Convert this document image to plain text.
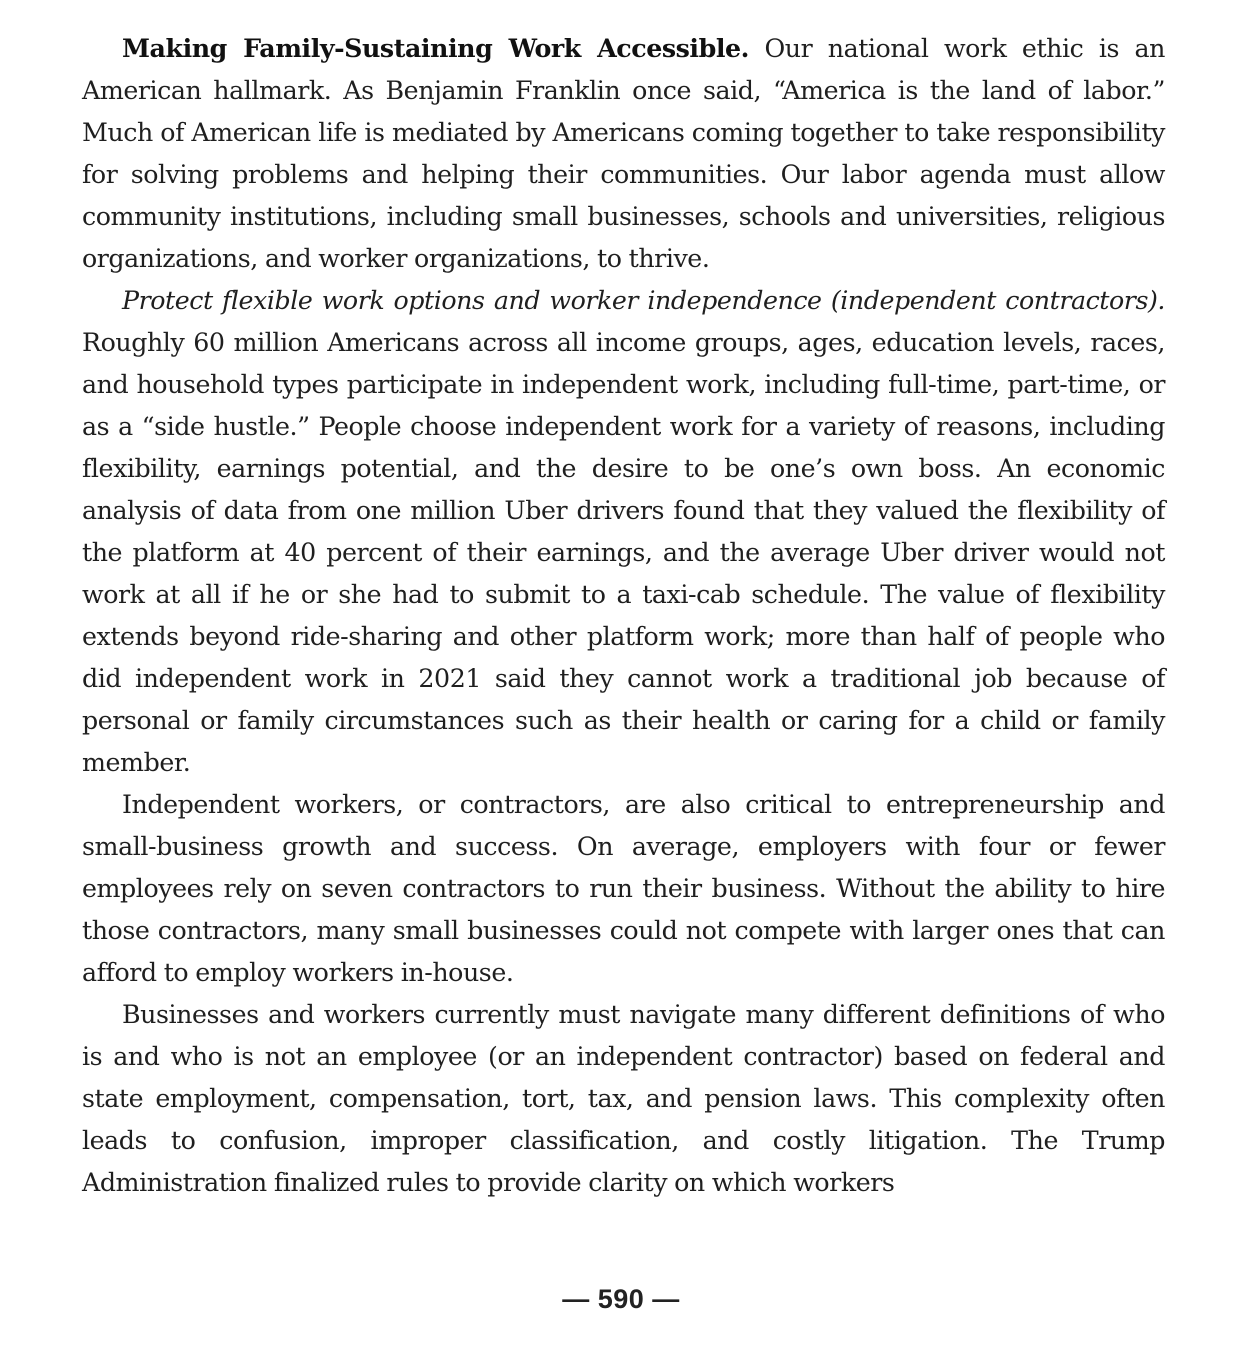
Making Family-Sustaining Work Accessible. Our national work ethic is an American hallmark. As Benjamin Franklin once said, “America is the land of labor.” Much of American life is mediated by Americans coming together to take responsibility for solving problems and helping their communities. Our labor agenda must allow community institutions, including small businesses, schools and universities, religious organizations, and worker organizations, to thrive.

Protect flexible work options and worker independence (independent contractors). Roughly 60 million Americans across all income groups, ages, education levels, races, and household types participate in independent work, including full-time, part-time, or as a “side hustle.” People choose independent work for a variety of reasons, including flexibility, earnings potential, and the desire to be one’s own boss. An economic analysis of data from one million Uber drivers found that they valued the flexibility of the platform at 40 percent of their earnings, and the average Uber driver would not work at all if he or she had to submit to a taxi-cab schedule. The value of flexibility extends beyond ride-sharing and other platform work; more than half of people who did independent work in 2021 said they cannot work a traditional job because of personal or family circumstances such as their health or caring for a child or family member.

Independent workers, or contractors, are also critical to entrepreneurship and small-business growth and success. On average, employers with four or fewer employees rely on seven contractors to run their business. Without the ability to hire those contractors, many small businesses could not compete with larger ones that can afford to employ workers in-house.

Businesses and workers currently must navigate many different definitions of who is and who is not an employee (or an independent contractor) based on federal and state employment, compensation, tort, tax, and pension laws. This complexity often leads to confusion, improper classification, and costly litigation. The Trump Administration finalized rules to provide clarity on which workers

— 590 —
